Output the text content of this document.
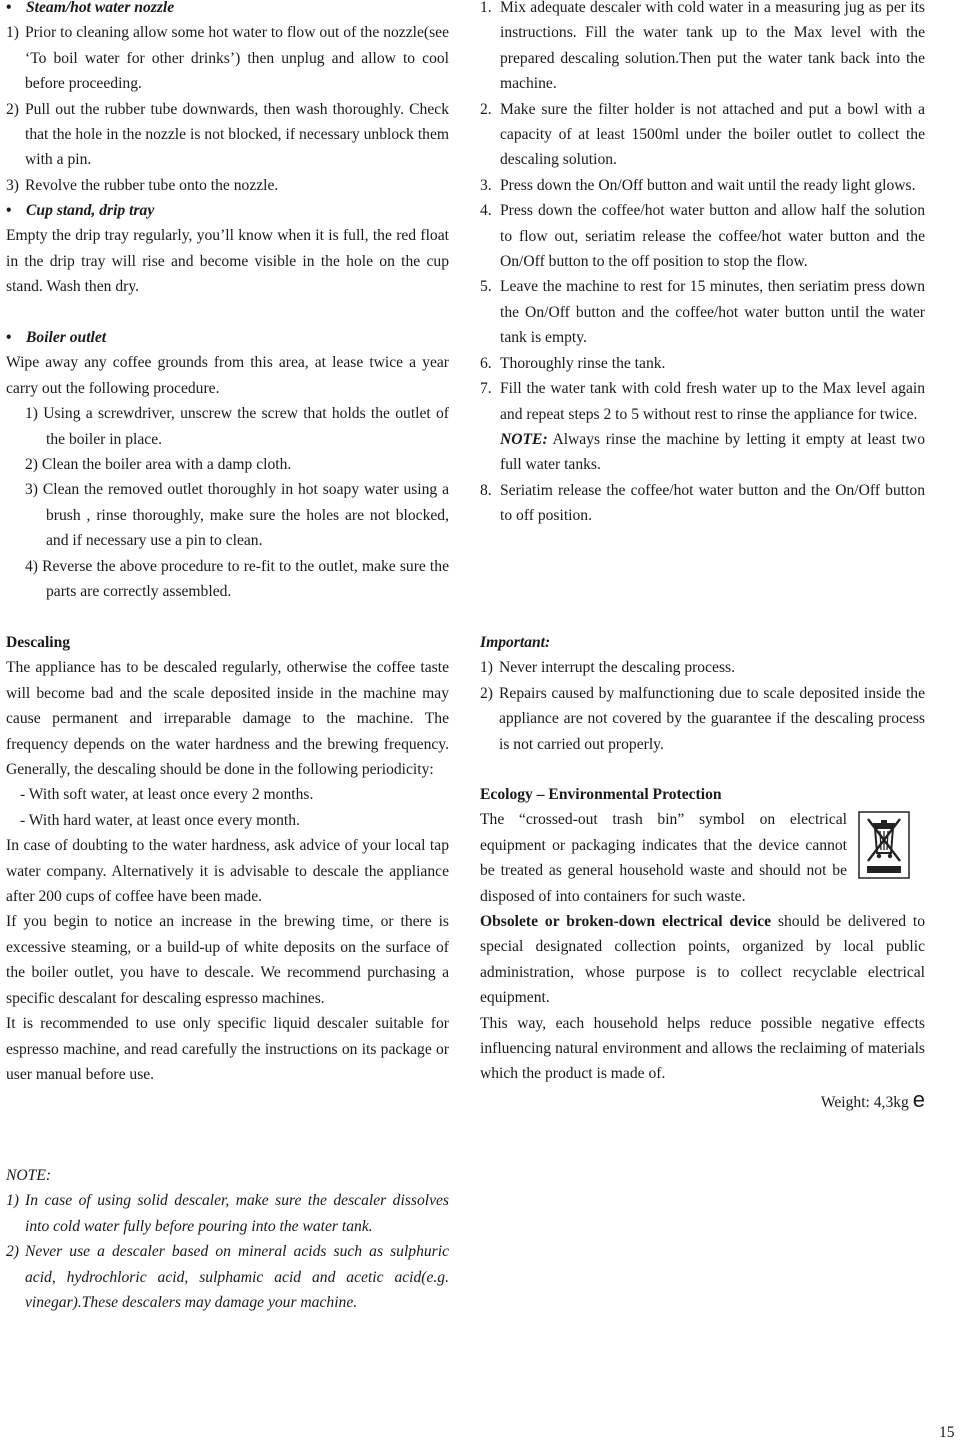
• Steam/hot water nozzle

1) Prior to cleaning allow some hot water to flow out of the nozzle(see ‘To boil water for other drinks’) then unplug and allow to cool before proceeding.

2) Pull out the rubber tube downwards, then wash thoroughly. Check that the hole in the nozzle is not blocked, if necessary unblock them with a pin.

3) Revolve the rubber tube onto the nozzle.

• Cup stand, drip tray

Empty the drip tray regularly, you’ll know when it is full, the red float in the drip tray will rise and become visible in the hole on the cup stand. Wash then dry.

• Boiler outlet

Wipe away any coffee grounds from this area, at lease twice a year carry out the following procedure.

1) Using a screwdriver, unscrew the screw that holds the outlet of the boiler in place.

2) Clean the boiler area with a damp cloth.

3) Clean the removed outlet thoroughly in hot soapy water using a brush , rinse thoroughly, make sure the holes are not blocked, and if necessary use a pin to clean.

4) Reverse the above procedure to re-fit to the outlet, make sure the parts are correctly assembled.

Descaling

The appliance has to be descaled regularly, otherwise the coffee taste will become bad and the scale deposited inside in the machine may cause permanent and irreparable damage to the machine. The frequency depends on the water hardness and the brewing frequency. Generally, the descaling should be done in the following periodicity:

- With soft water, at least once every 2 months.

- With hard water, at least once every month.

In case of doubting to the water hardness, ask advice of your local tap water company. Alternatively it is advisable to descale the appliance after 200 cups of coffee have been made.

If you begin to notice an increase in the brewing time, or there is excessive steaming, or a build-up of white deposits on the surface of the boiler outlet, you have to descale. We recommend purchasing a specific descalant for descaling espresso machines.

It is recommended to use only specific liquid descaler suitable for espresso machine, and read carefully the instructions on its package or user manual before use.

NOTE:

1) In case of using solid descaler, make sure the descaler dissolves into cold water fully before pouring into the water tank.

2) Never use a descaler based on mineral acids such as sulphuric acid, hydrochloric acid, sulphamic acid and acetic acid(e.g. vinegar).These descalers may damage your machine.

1. Mix adequate descaler with cold water in a measuring jug as per its instructions. Fill the water tank up to the Max level with the prepared descaling solution.Then put the water tank back into the machine.

2. Make sure the filter holder is not attached and put a bowl with a capacity of at least 1500ml under the boiler outlet to collect the descaling solution.

3. Press down the On/Off button and wait until the ready light glows.

4. Press down the coffee/hot water button and allow half the solution to flow out, seriatim release the coffee/hot water button and the On/Off button to the off position to stop the flow.

5. Leave the machine to rest for 15 minutes, then seriatim press down the On/Off button and the coffee/hot water button until the water tank is empty.

6. Thoroughly rinse the tank.

7. Fill the water tank with cold fresh water up to the Max level again and repeat steps 2 to 5 without rest to rinse the appliance for twice.

NOTE: Always rinse the machine by letting it empty at least two full water tanks.

8. Seriatim release the coffee/hot water button and the On/Off button to off position.

Important:

1) Never interrupt the descaling process.

2) Repairs caused by malfunctioning due to scale deposited inside the appliance are not covered by the guarantee if the descaling process is not carried out properly.

Ecology – Environmental Protection

The “crossed-out trash bin” symbol on electrical equipment or packaging indicates that the device cannot be treated as general household waste and should not be disposed of into containers for such waste.

Obsolete or broken-down electrical device should be delivered to special designated collection points, organized by local public administration, whose purpose is to collect recyclable electrical equipment.

This way, each household helps reduce possible negative effects influencing natural environment and allows the reclaiming of materials which the product is made of.

Weight: 4,3kg e

15
